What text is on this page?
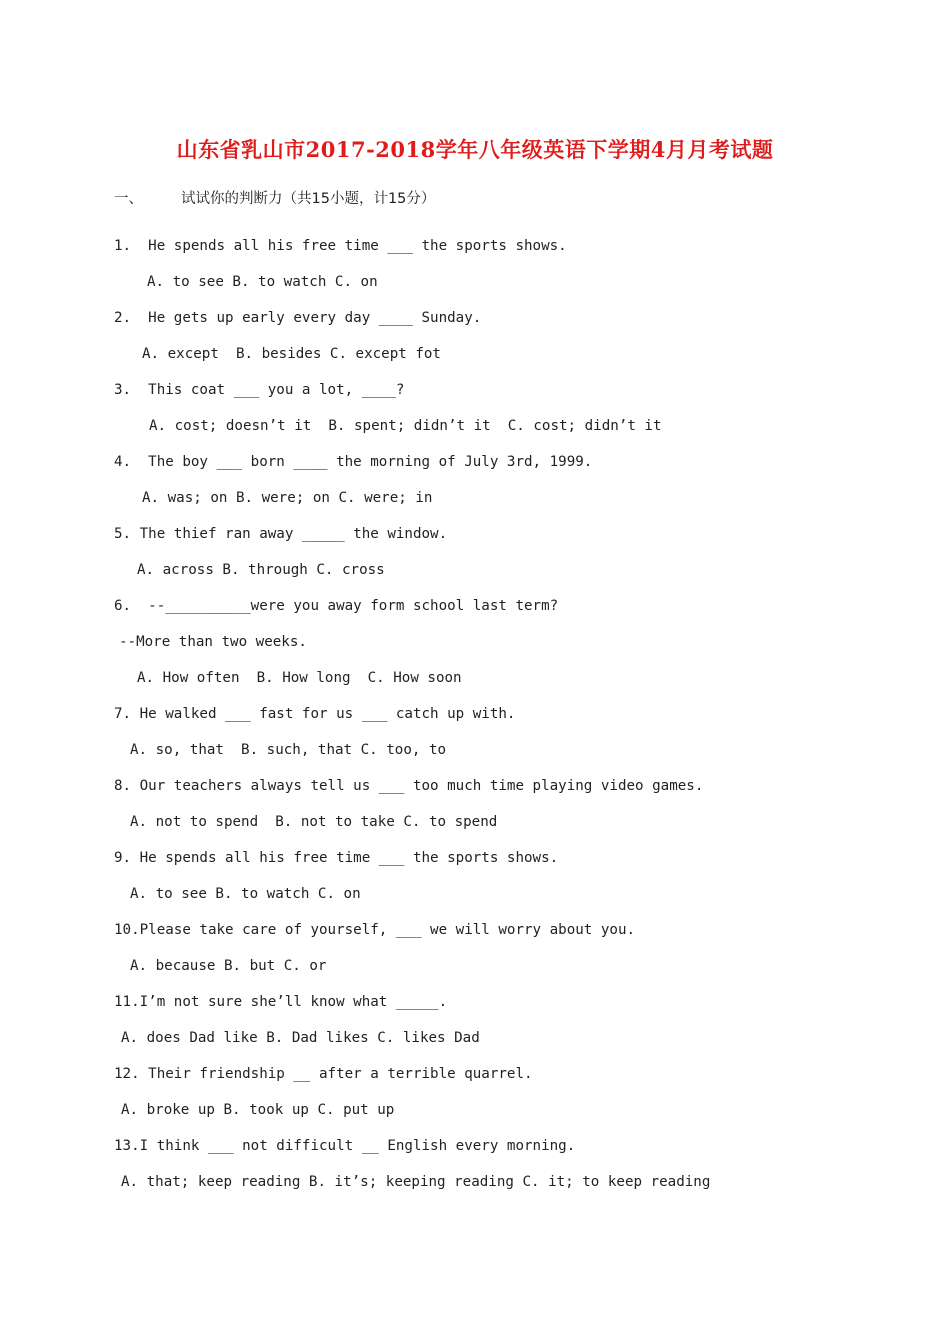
山东省乳山市2017-2018学年八年级英语下学期4月月考试题
一、	试试你的判断力（共15小题，计15分）
1.  He spends all his free time ___ the sports shows.
A. to see B. to watch C. on
2.  He gets up early every day ____ Sunday.
A. except  B. besides C. except fot
3.  This coat ___ you a lot, ____?
A. cost; doesn’t it  B. spent; didn’t it  C. cost; didn’t it
4.  The boy ___ born ____ the morning of July 3rd, 1999.
A. was; on B. were; on C. were; in
5. The thief ran away _____ the window.
A. across B. through C. cross
6.  --__________were you away form school last term?
--More than two weeks.
A. How often  B. How long  C. How soon
7. He walked ___ fast for us ___ catch up with.
A. so, that  B. such, that C. too, to
8. Our teachers always tell us ___ too much time playing video games.
A. not to spend  B. not to take C. to spend
9. He spends all his free time ___ the sports shows.
A. to see B. to watch C. on
10.Please take care of yourself, ___ we will worry about you.
A. because B. but C. or
11.I’m not sure she’ll know what _____.
A. does Dad like B. Dad likes C. likes Dad
12. Their friendship __ after a terrible quarrel.
A. broke up B. took up C. put up
13.I think ___ not difficult __ English every morning.
A. that; keep reading B. it’s; keeping reading C. it; to keep reading
